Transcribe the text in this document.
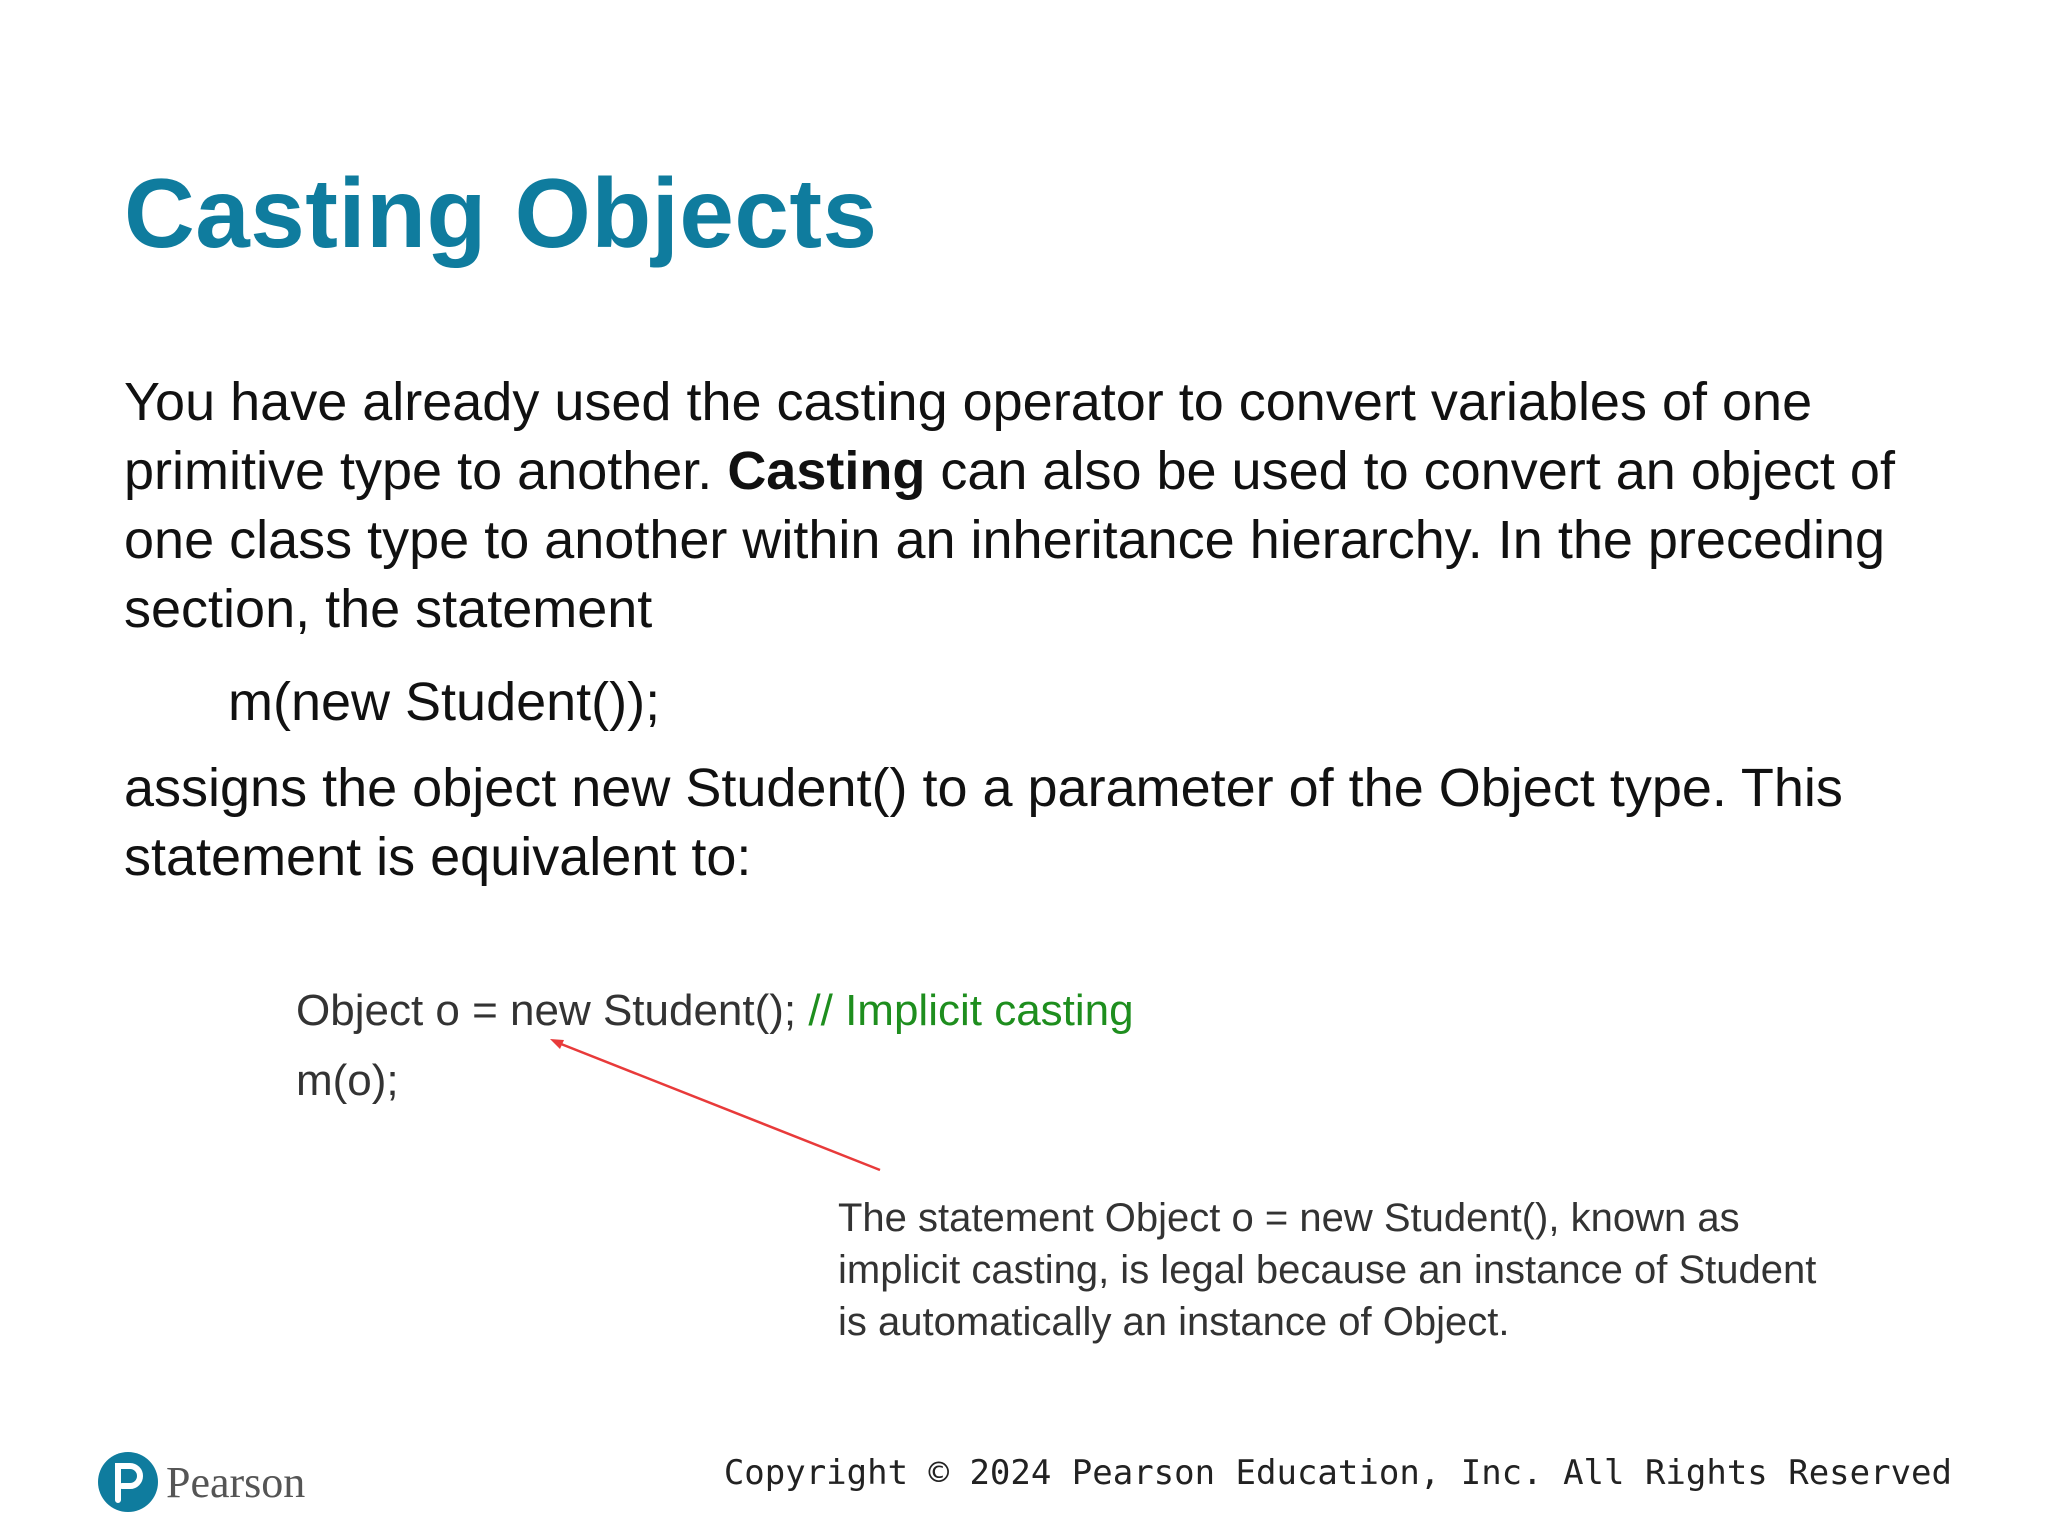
Casting Objects

You have already used the casting operator to convert variables of one primitive type to another. Casting can also be used to convert an object of one class type to another within an inheritance hierarchy. In the preceding section, the statement

m(new Student());

assigns the object new Student() to a parameter of the Object type. This statement is equivalent to:

Object o = new Student(); // Implicit casting
m(o);

The statement Object o = new Student(), known as implicit casting, is legal because an instance of Student is automatically an instance of Object.

Pearson	Copyright © 2024 Pearson Education, Inc. All Rights Reserved
